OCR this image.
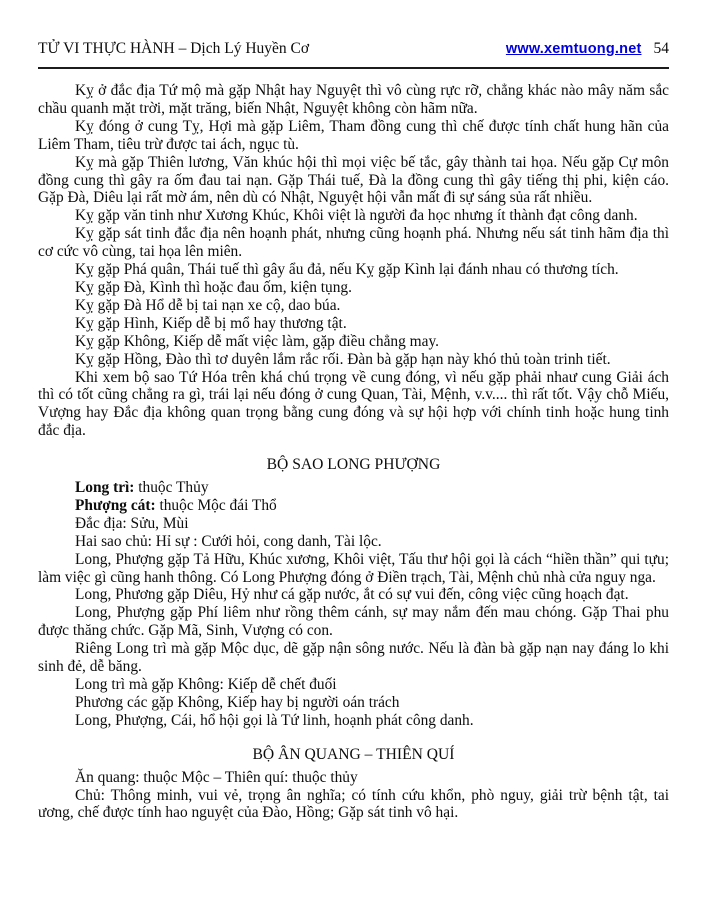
TỬ VI THỰC HÀNH – Dịch Lý Huyền Cơ	www.xemtuong.net 54

Kỵ ở đắc địa Tứ mộ mà gặp Nhật hay Nguyệt thì vô cùng rực rỡ, chẳng khác nào mây năm sắc chầu quanh mặt trời, mặt trăng, biến Nhật, Nguyệt không còn hãm nữa.

Kỵ đóng ở cung Tỵ, Hợi mà gặp Liêm, Tham đồng cung thì chế được tính chất hung hãn của Liêm Tham, tiêu trừ được tai ách, ngục tù.

Kỵ mà gặp Thiên lương, Văn khúc hội thì mọi việc bế tắc, gây thành tai họa. Nếu gặp Cự môn đồng cung thì gây ra ốm đau tai nạn. Gặp Thái tuế, Đà la đồng cung thì gây tiếng thị phi, kiện cáo. Gặp Đà, Diêu lại rất mờ ám, nên dù có Nhật, Nguyệt hội vẫn mất đi sự sáng sủa rất nhiều.

Kỵ gặp văn tinh như Xương Khúc, Khôi việt là người đa học nhưng ít thành đạt công danh.

Kỵ gặp sát tinh đắc địa nên hoạnh phát, nhưng cũng hoạnh phá. Nhưng nếu sát tinh hãm địa thì cơ cức vô cùng, tai họa lên miên.

Kỵ gặp Phá quân, Thái tuế thì gây ẩu đả, nếu Kỵ gặp Kình lại đánh nhau có thương tích.

Kỵ gặp Đà, Kình thì hoặc đau ốm, kiện tụng.

Kỵ gặp Đà Hổ dễ bị tai nạn xe cộ, dao búa.

Kỵ gặp Hình, Kiếp dễ bị mổ hay thương tật.

Kỵ gặp Không, Kiếp dễ mất việc làm, gặp điều chẳng may.

Kỵ gặp Hồng, Đào thì tơ duyên lắm rắc rối. Đàn bà gặp hạn này khó thủ toàn trinh tiết.

Khi xem bộ sao Tứ Hóa trên khá chú trọng về cung đóng, vì nếu gặp phải nhaư cung Giải ách thì có tốt cũng chẳng ra gì, trái lại nếu đóng ở cung Quan, Tài, Mệnh, v.v.... thì rất tốt. Vậy chỗ Miếu, Vượng hay Đắc địa không quan trọng bằng cung đóng và sự hội hợp với chính tinh hoặc hung tinh đắc địa.

BỘ SAO LONG PHƯỢNG

Long trì: thuộc Thủy

Phượng cát: thuộc Mộc đái Thổ

Đắc địa: Sửu, Mùi

Hai sao chủ: Hỉ sự : Cưới hỏi, cong danh, Tài lộc.

Long, Phượng gặp Tả Hữu, Khúc xương, Khôi việt, Tấu thư hội gọi là cách “hiền thần” qui tựu; làm việc gì cũng hanh thông. Có Long Phượng đóng ở Điền trạch, Tài, Mệnh chủ nhà cửa nguy nga.

Long, Phương gặp Diêu, Hỷ như cá gặp nước, ắt có sự vui đến, công việc cũng hoạch đạt.

Long, Phượng gặp Phí liêm như rồng thêm cánh, sự may nắm đến mau chóng. Gặp Thai phu được thăng chức. Gặp Mã, Sinh, Vượng có con.

Riêng Long trì mà gặp Mộc dục, dẽ gặp nận sông nước. Nếu là đàn bà gặp nạn nay đáng lo khi sinh đẻ, dễ băng.

Long trì mà gặp Không: Kiếp dễ chết đuối

Phương các gặp Không, Kiếp hay bị người oán trách

Long, Phượng, Cái, hổ hội gọi là Tứ linh, hoạnh phát công danh.

BỘ ÂN QUANG – THIÊN QUÍ

Ăn quang: thuộc Mộc – Thiên quí: thuộc thủy

Chủ: Thông minh, vui vẻ, trọng ân nghĩa; có tính cứu khổn, phò nguy, giải trừ bệnh tật, tai ương, chế được tính hao nguyệt của Đào, Hồng; Gặp sát tinh vô hại.
